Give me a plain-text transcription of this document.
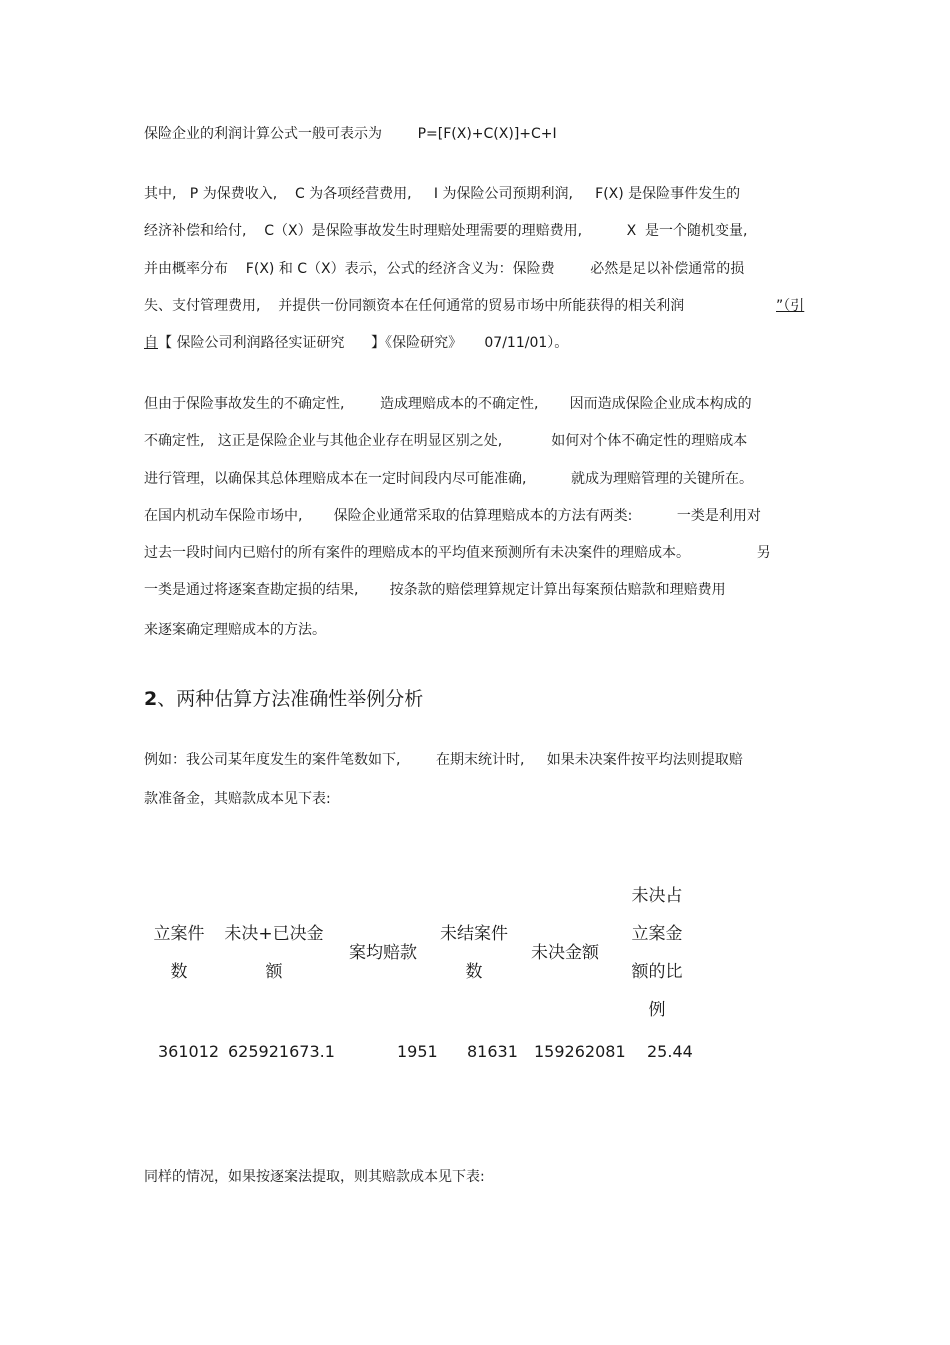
保险企业的利润计算公式一般可表示为        P=[F(X)+C(X)]+C+I
其中,   P 为保费收入,    C 为各项经营费用,     I 为保险公司预期利润,     F(X) 是保险事件发生的
经济补偿和给付,    C（X）是保险事故发生时理赔处理需要的理赔费用,          X  是一个随机变量,
并由概率分布    F(X) 和 C（X）表示，公式的经济含义为：保险费        必然是足以补偿通常的损
失、支付管理费用,    并提供一份同额资本在任何通常的贸易市场中所能获得的相关利润	”（引
自【 保险公司利润路径实证研究      】《保险研究》     07/11/01）。
但由于保险事故发生的不确定性,        造成理赔成本的不确定性,       因而造成保险企业成本构成的
不确定性,   这正是保险企业与其他企业存在明显区别之处,           如何对个体不确定性的理赔成本
进行管理，以确保其总体理赔成本在一定时间段内尽可能准确,          就成为理赔管理的关键所在。
在国内机动车保险市场中,       保险企业通常采取的估算理赔成本的方法有两类:          一类是利用对
过去一段时间内已赔付的所有案件的理赔成本的平均值来预测所有未决案件的理赔成本。               另
一类是通过将逐案查勘定损的结果,       按条款的赔偿理算规定计算出每案预估赔款和理赔费用
来逐案确定理赔成本的方法。
2、两种估算方法准确性举例分析
例如：我公司某年度发生的案件笔数如下,        在期末统计时,     如果未决案件按平均法则提取赔
款准备金，其赔款成本见下表:
立案件
数
未决+已决金
额
案均赔款
未结案件
数
未决金额
未决占
立案金
额的比
例
361012 625921673.1	1951 81631 159262081 25.44
同样的情况，如果按逐案法提取，则其赔款成本见下表:
